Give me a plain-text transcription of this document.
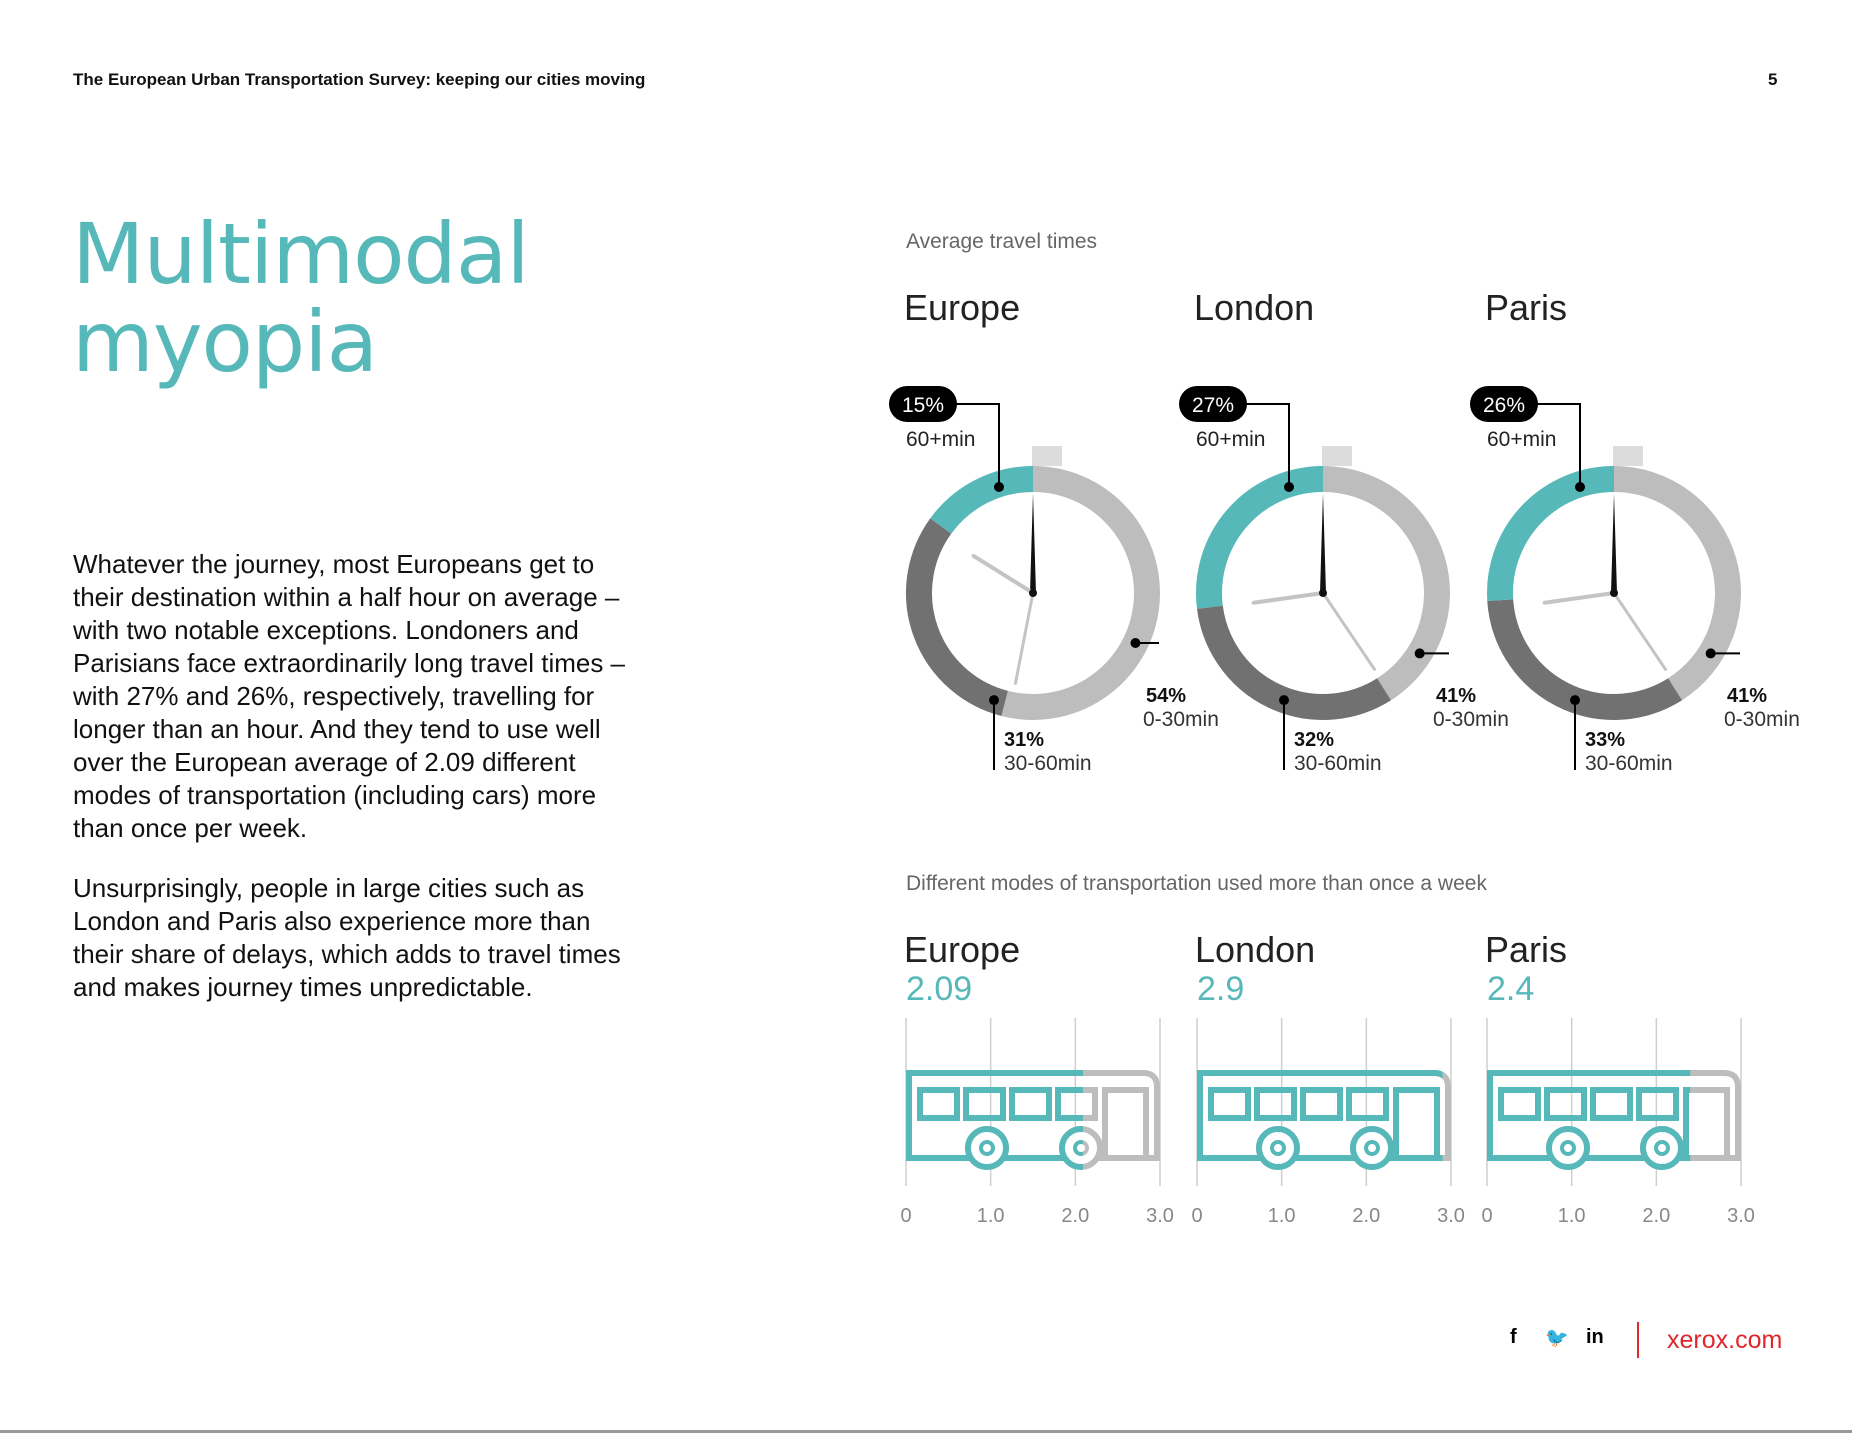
The European Urban Transportation Survey: keeping our cities moving	5
Multimodal
myopia

Whatever the journey, most Europeans get to their destination within a half hour on average – with two notable exceptions. Londoners and Parisians face extraordinarily long travel times – with 27% and 26%, respectively, travelling for longer than an hour. And they tend to use well over the European average of 2.09 different modes of transportation (including cars) more than once per week.

Unsurprisingly, people in large cities such as London and Paris also experience more than their share of delays, which adds to travel times and makes journey times unpredictable.

Average travel times
Different modes of transportation used more than once a week
Europe
15%
60+min
54%
0-30min
31%
30-60min
London
27%
60+min
41%
0-30min
32%
30-60min
Paris
26%
60+min
41%
0-30min
33%
30-60min
Europe
2.09
0	1.0	2.0	3.0
London
2.9
0	1.0	2.0	3.0
Paris
2.4
0	1.0	2.0	3.0
f 🐦 in	xerox.com
